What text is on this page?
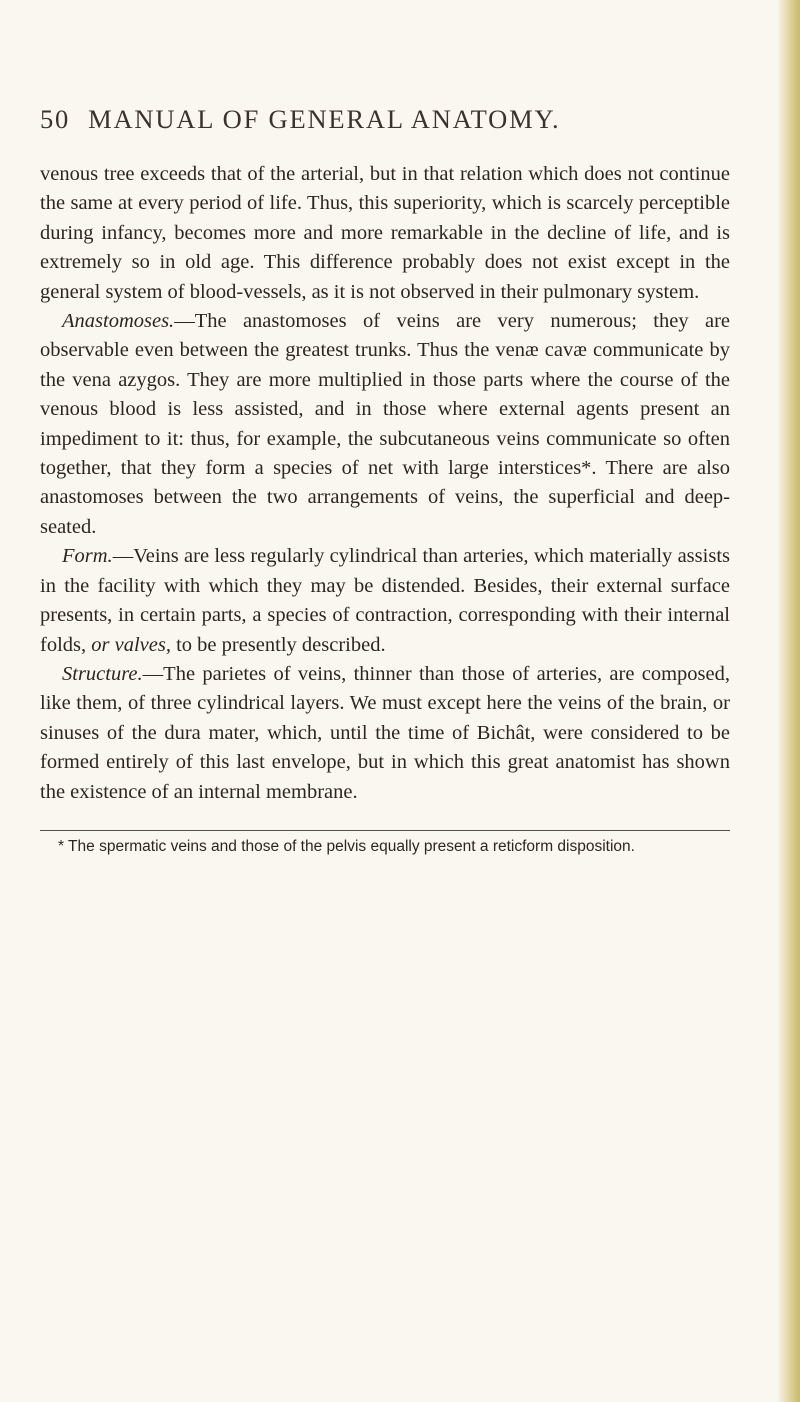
50 MANUAL OF GENERAL ANATOMY.

venous tree exceeds that of the arterial, but in that relation which does not continue the same at every period of life. Thus, this superiority, which is scarcely perceptible during infancy, becomes more and more remarkable in the decline of life, and is extremely so in old age. This difference probably does not exist except in the general system of blood-vessels, as it is not observed in their pulmonary system.

Anastomoses.—The anastomoses of veins are very numerous; they are observable even between the greatest trunks. Thus the venæ cavæ communicate by the vena azygos. They are more multiplied in those parts where the course of the venous blood is less assisted, and in those where external agents present an impediment to it: thus, for example, the subcutaneous veins communicate so often together, that they form a species of net with large interstices*. There are also anastomoses between the two arrangements of veins, the superficial and deep-seated.

Form.—Veins are less regularly cylindrical than arteries, which materially assists in the facility with which they may be distended. Besides, their external surface presents, in certain parts, a species of contraction, corresponding with their internal folds, or valves, to be presently described.

Structure.—The parietes of veins, thinner than those of arteries, are composed, like them, of three cylindrical layers. We must except here the veins of the brain, or sinuses of the dura mater, which, until the time of Bichât, were considered to be formed entirely of this last envelope, but in which this great anatomist has shown the existence of an internal membrane.

* The spermatic veins and those of the pelvis equally present a reticform disposition.
